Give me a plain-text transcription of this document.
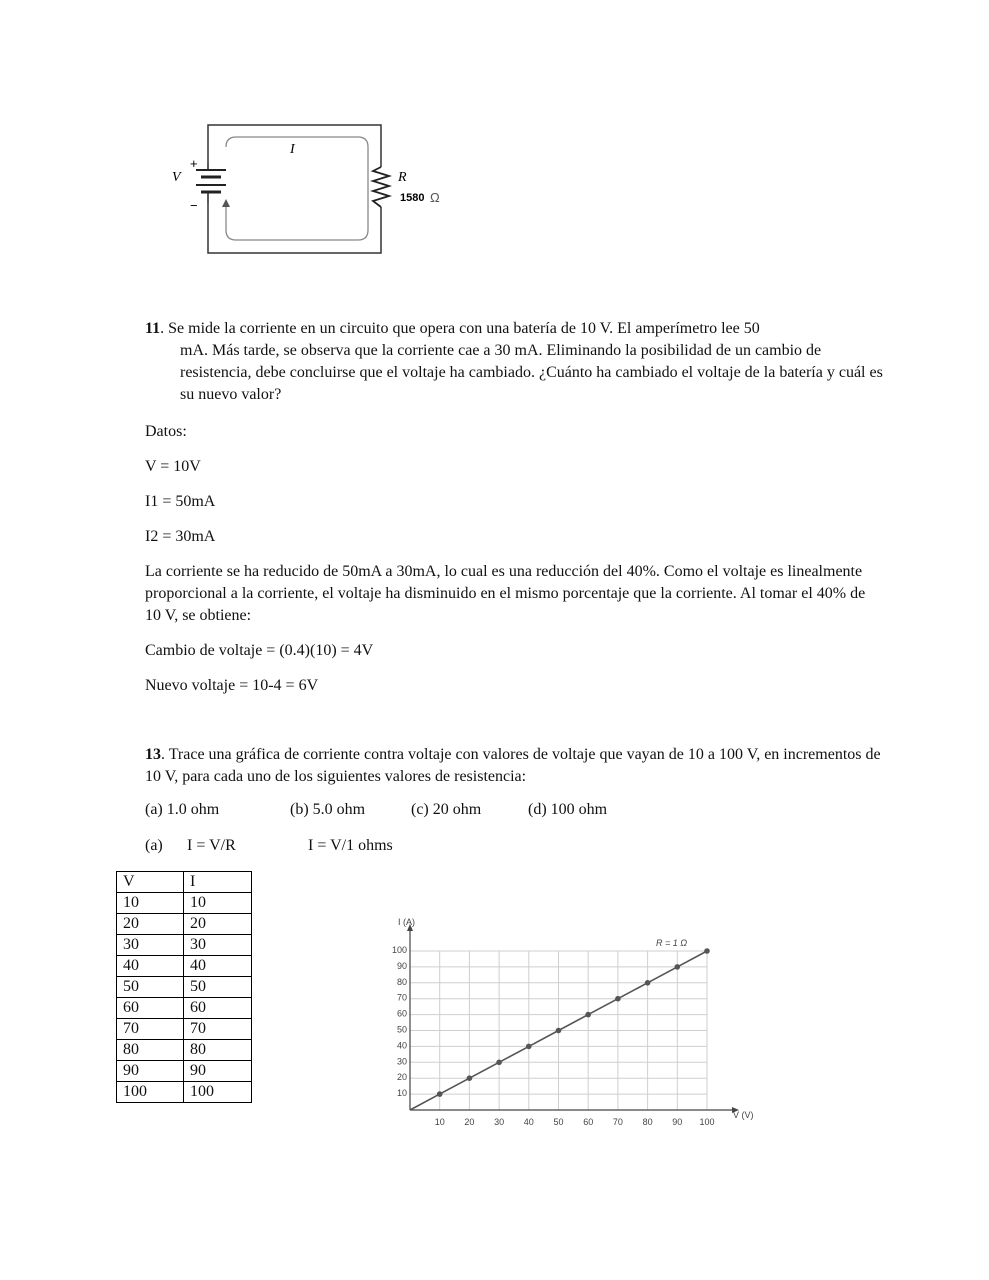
I
V
+
−
R
1580 Ω
11. Se mide la corriente en un circuito que opera con una batería de 10 V. El amperímetro lee 50
mA. Más tarde, se observa que la corriente cae a 30 mA. Eliminando la posibilidad de un cambio de resistencia, debe concluirse que el voltaje ha cambiado. ¿Cuánto ha cambiado el voltaje de la batería y cuál es su nuevo valor?

Datos:

V = 10V

I1 = 50mA

I2 = 30mA

La corriente se ha reducido de 50mA a 30mA, lo cual es una reducción del 40%. Como el voltaje es linealmente proporcional a la corriente, el voltaje ha disminuido en el mismo porcentaje que la corriente. Al tomar el 40% de 10 V, se obtiene:

Cambio de voltaje = (0.4)(10) = 4V

Nuevo voltaje = 10-4 = 6V

13. Trace una gráfica de corriente contra voltaje con valores de voltaje que vayan de 10 a 100 V, en incrementos de 10 V, para cada uno de los siguientes valores de resistencia:

(a) 1.0 ohm	(b) 5.0 ohm	(c) 20 ohm	(d) 100 ohm
(a) I = V/R	I = V/1 ohms
V	I
10	10
20	20
30	30
40	40
50	50
60	60
70	70
80	80
90	90
100	100
10 20 30 40 50 60 70 80 90 100
10
20
30
40
50
60
70
80
90
100
I (A)
V (V)
R = 1 Ω
